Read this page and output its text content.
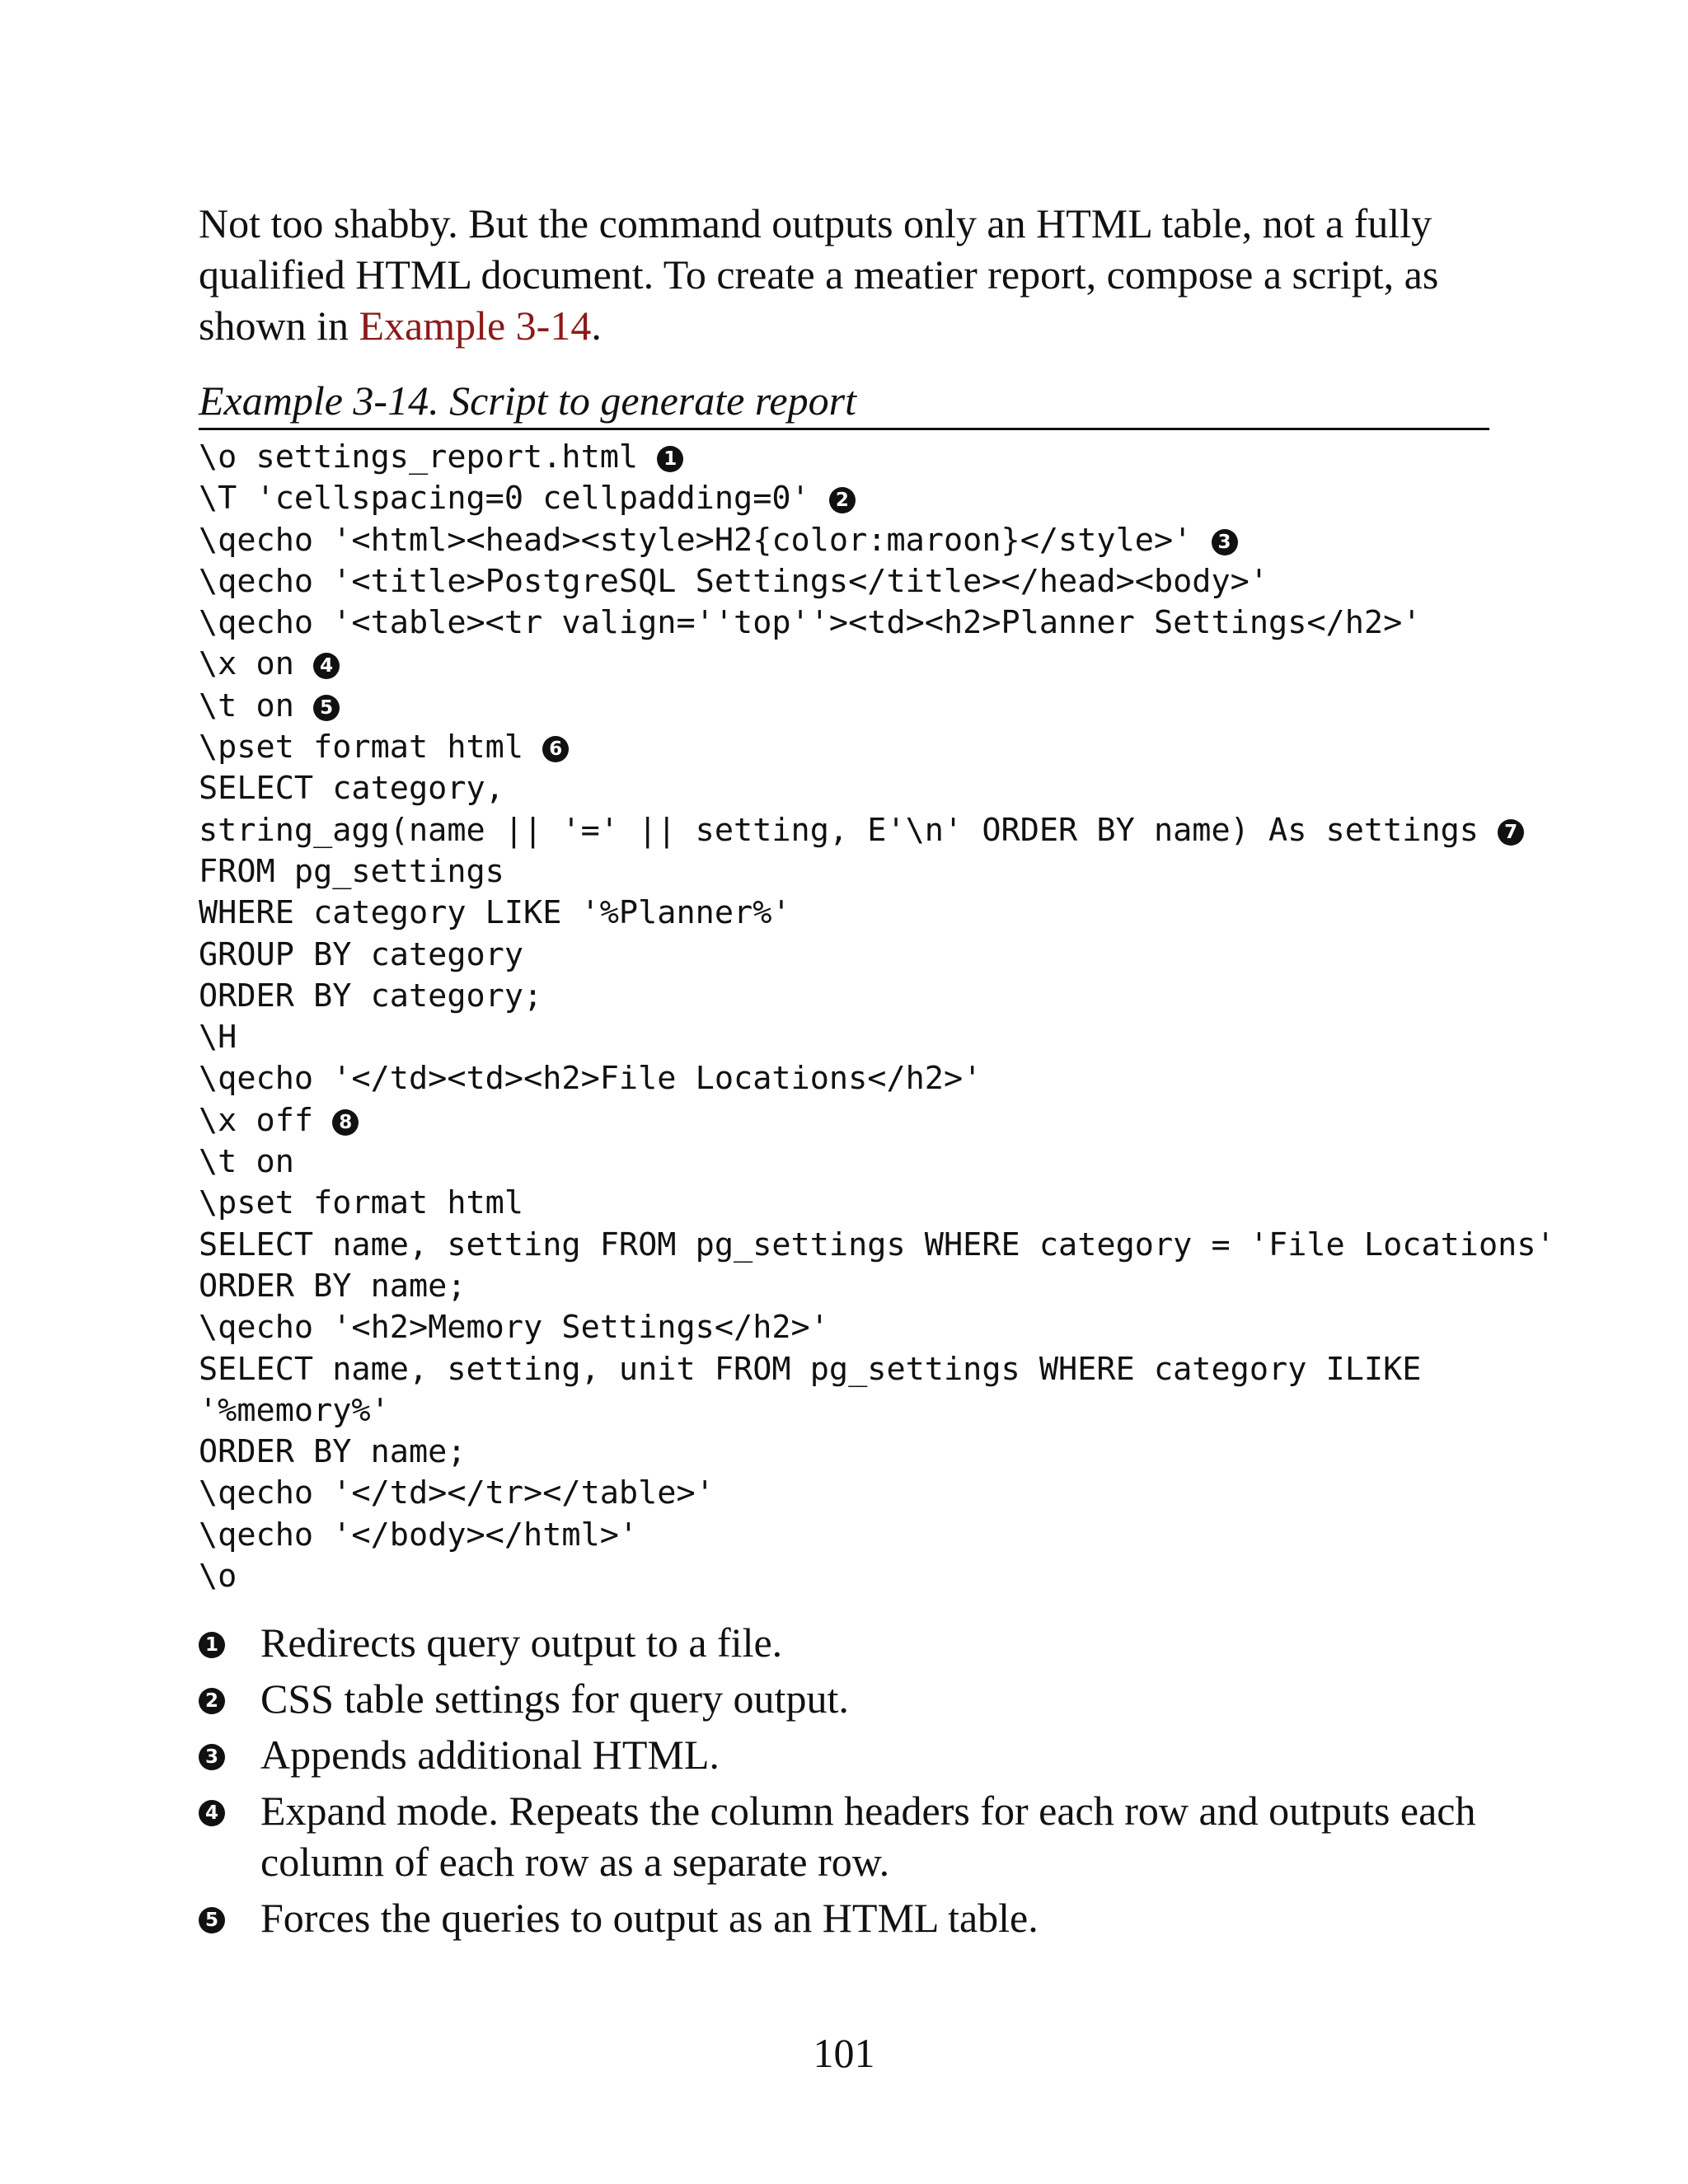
Not too shabby. But the command outputs only an HTML table, not a fully qualified HTML document. To create a meatier report, compose a script, as shown in Example 3-14.

Example 3-14. Script to generate report

\o settings_report.html 1
\T 'cellspacing=0 cellpadding=0' 2
\qecho '<html><head><style>H2{color:maroon}</style>' 3
\qecho '<title>PostgreSQL Settings</title></head><body>'
\qecho '<table><tr valign=''top''><td><h2>Planner Settings</h2>'
\x on 4
\t on 5
\pset format html 6
SELECT category,
string_agg(name || '=' || setting, E'\n' ORDER BY name) As settings 7
FROM pg_settings
WHERE category LIKE '%Planner%'
GROUP BY category
ORDER BY category;
\H
\qecho '</td><td><h2>File Locations</h2>'
\x off 8
\t on
\pset format html
SELECT name, setting FROM pg_settings WHERE category = 'File Locations'
ORDER BY name;
\qecho '<h2>Memory Settings</h2>'
SELECT name, setting, unit FROM pg_settings WHERE category ILIKE
'%memory%'
ORDER BY name;
\qecho '</td></tr></table>'
\qecho '</body></html>'
\o
1 Redirects query output to a file.
2 CSS table settings for query output.
3 Appends additional HTML.
4 Expand mode. Repeats the column headers for each row and outputs each column of each row as a separate row.
5 Forces the queries to output as an HTML table.
101
